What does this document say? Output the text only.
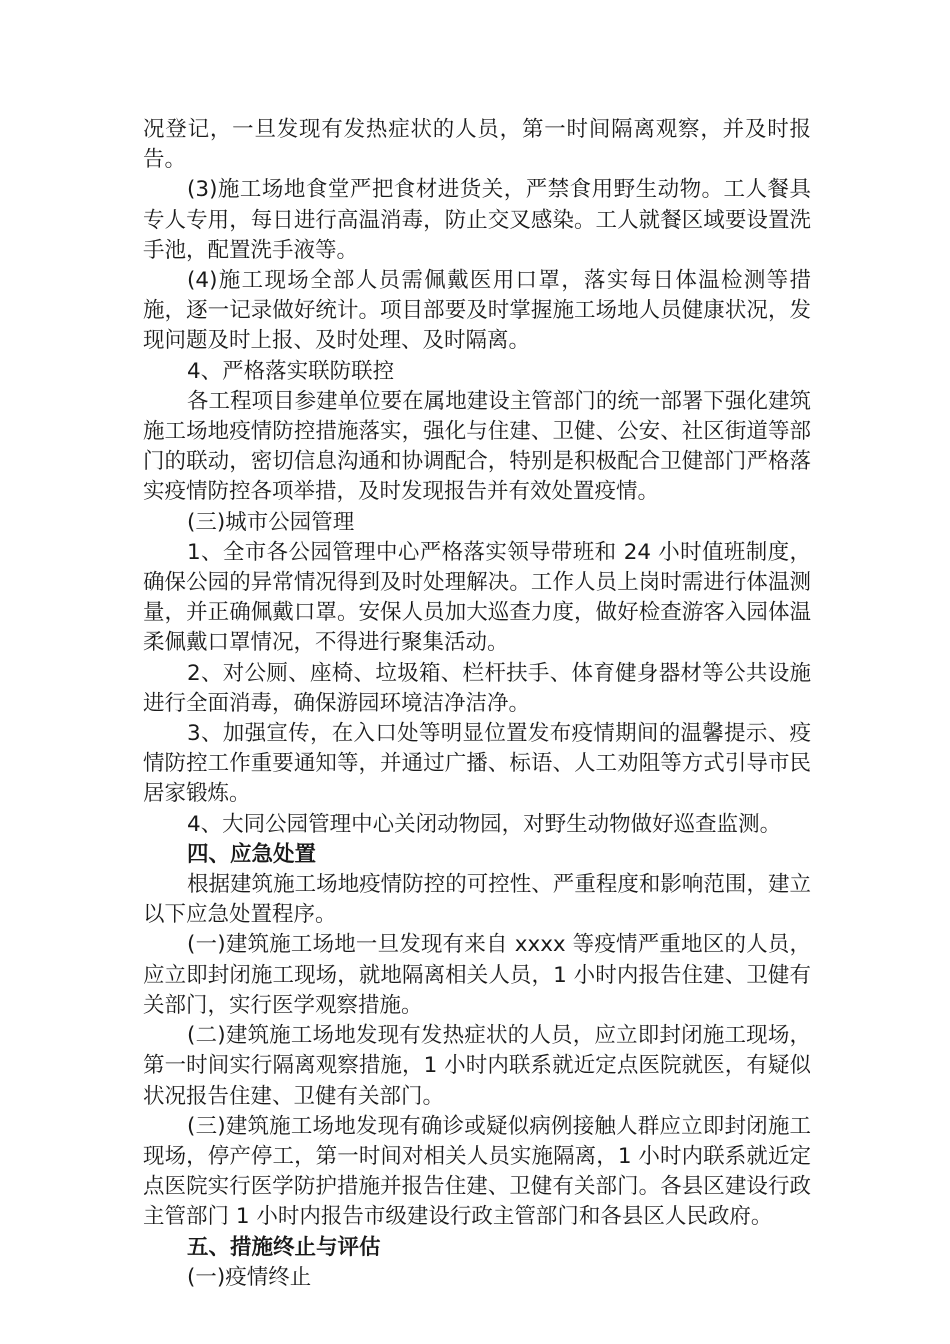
况登记，一旦发现有发热症状的人员，第一时间隔离观察，并及时报告。

(3)施工场地食堂严把食材进货关，严禁食用野生动物。工人餐具专人专用，每日进行高温消毒，防止交叉感染。工人就餐区域要设置洗手池，配置洗手液等。

(4)施工现场全部人员需佩戴医用口罩，落实每日体温检测等措施，逐一记录做好统计。项目部要及时掌握施工场地人员健康状况，发现问题及时上报、及时处理、及时隔离。

4、严格落实联防联控

各工程项目参建单位要在属地建设主管部门的统一部署下强化建筑施工场地疫情防控措施落实，强化与住建、卫健、公安、社区街道等部门的联动，密切信息沟通和协调配合，特别是积极配合卫健部门严格落实疫情防控各项举措，及时发现报告并有效处置疫情。

(三)城市公园管理

1、全市各公园管理中心严格落实领导带班和 24 小时值班制度，确保公园的异常情况得到及时处理解决。工作人员上岗时需进行体温测量，并正确佩戴口罩。安保人员加大巡查力度，做好检查游客入园体温柔佩戴口罩情况，不得进行聚集活动。

2、对公厕、座椅、垃圾箱、栏杆扶手、体育健身器材等公共设施进行全面消毒，确保游园环境洁净洁净。

3、加强宣传，在入口处等明显位置发布疫情期间的温馨提示、疫情防控工作重要通知等，并通过广播、标语、人工劝阻等方式引导市民居家锻炼。

4、大同公园管理中心关闭动物园，对野生动物做好巡查监测。

四、应急处置

根据建筑施工场地疫情防控的可控性、严重程度和影响范围，建立以下应急处置程序。

(一)建筑施工场地一旦发现有来自 xxxx 等疫情严重地区的人员，应立即封闭施工现场，就地隔离相关人员，1 小时内报告住建、卫健有关部门，实行医学观察措施。

(二)建筑施工场地发现有发热症状的人员，应立即封闭施工现场，第一时间实行隔离观察措施，1 小时内联系就近定点医院就医，有疑似状况报告住建、卫健有关部门。

(三)建筑施工场地发现有确诊或疑似病例接触人群应立即封闭施工现场，停产停工，第一时间对相关人员实施隔离，1 小时内联系就近定点医院实行医学防护措施并报告住建、卫健有关部门。各县区建设行政主管部门 1 小时内报告市级建设行政主管部门和各县区人民政府。

五、措施终止与评估

(一)疫情终止
